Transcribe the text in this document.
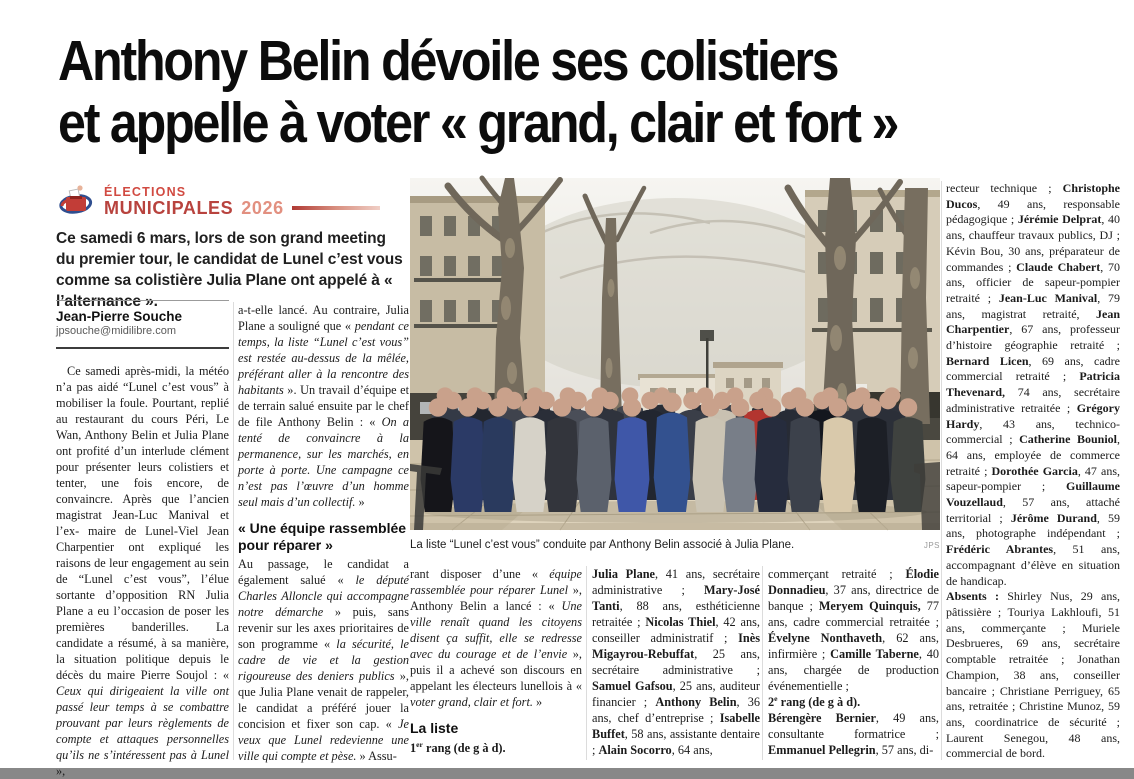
Anthony Belin dévoile ses colistiers
et appelle à voter « grand, clair et fort »
ÉLECTIONS
MUNICIPALES 2026
Ce samedi 6 mars, lors de son grand meeting du premier tour, le candidat de Lunel c’est vous comme sa colistière Julia Plane ont appelé à « l’alternance ».
Jean-Pierre Souche
jpsouche@midilibre.com

Ce samedi après-midi, la météo n’a pas aidé “Lunel c’est vous” à mobiliser la foule. Pourtant, replié au restaurant du cours Péri, Le Wan, Anthony Belin et Julia Plane ont profité d’un interlude clément pour présenter leurs colistiers et tenter, une fois encore, de convaincre. Après que l’ancien magistrat Jean-Luc Manival et l’ex- maire de Lunel-Viel Jean Charpentier ont expliqué les raisons de leur engagement au sein de “Lunel c’est vous”, l’élue sortante d’opposition RN Julia Plane a eu l’occasion de poser les premières banderilles. La candidate a résumé, à sa manière, la situation politique depuis le décès du maire Pierre Soujol : « Ceux qui dirigeaient la ville ont passé leur temps à se combattre prouvant par leurs règlements de compte et attaques personnelles qu’ils ne s’intéressent pas à Lunel »,

a-t-elle lancé. Au contraire, Julia Plane a souligné que « pendant ce temps, la liste “Lunel c’est vous” est restée au-dessus de la mêlée, préférant aller à la rencontre des habitants ». Un travail d’équipe et de terrain salué ensuite par le chef de file Anthony Belin : « On a tenté de convaincre à la permanence, sur les marchés, en porte à porte. Une campagne ce n’est pas l’œuvre d’un homme seul mais d’un collectif. »

« Une équipe rassemblée pour réparer »

Au passage, le candidat a également salué « le député Charles Alloncle qui accompagne notre démarche » puis, sans revenir sur les axes prioritaires de son programme « la sécurité, le cadre de vie et la gestion rigoureuse des deniers publics », que Julia Plane venait de rappeler, le candidat a préféré jouer la concision et fixer son cap. « Je veux que Lunel redevienne une ville qui compte et pèse. » Assu-

La liste “Lunel c’est vous” conduite par Anthony Belin associé à Julia Plane.	JPS

rant disposer d’une « équipe rassemblée pour réparer Lunel », Anthony Belin a lancé : « Une ville renaît quand les citoyens disent ça suffit, elle se redresse avec du courage et de l’envie », puis il a achevé son discours en appelant les électeurs lunellois à « voter grand, clair et fort. »

La liste

1er rang (de g à d).

Julia Plane, 41 ans, secrétaire administrative ; Mary-José Tanti, 88 ans, esthéticienne retraitée ; Nicolas Thiel, 42 ans, conseiller administratif ; Inès Migayrou-Rebuffat, 25 ans, secrétaire administrative ; Samuel Gafsou, 25 ans, auditeur financier ; Anthony Belin, 36 ans, chef d’entreprise ; Isabelle Buffet, 58 ans, assistante dentaire ; Alain Socorro, 64 ans,

commerçant retraité ; Élodie Donnadieu, 37 ans, directrice de banque ; Meryem Quinquis, 77 ans, cadre commercial retraitée ; Évelyne Nonthaveth, 62 ans, infirmière ; Camille Taberne, 40 ans, chargée de production événementielle ;

2e rang (de g à d).

Bérengère Bernier, 49 ans, consultante formatrice ; Emmanuel Pellegrin, 57 ans, di-

recteur technique ; Christophe Ducos, 49 ans, responsable pédagogique ; Jérémie Delprat, 40 ans, chauffeur travaux publics, DJ ; Kévin Bou, 30 ans, préparateur de commandes ; Claude Chabert, 70 ans, officier de sapeur-pompier retraité ; Jean-Luc Manival, 79 ans, magistrat retraité, Jean Charpentier, 67 ans, professeur d’histoire géographie retraité ; Bernard Licen, 69 ans, cadre commercial retraité ; Patricia Thevenard, 74 ans, secrétaire administrative retraitée ; Grégory Hardy, 43 ans, technico-commercial ; Catherine Bouniol, 64 ans, employée de commerce retraité ; Dorothée Garcia, 47 ans, sapeur-pompier ; Guillaume Vouzellaud, 57 ans, attaché territorial ; Jérôme Durand, 59 ans, photographe indépendant ; Frédéric Abrantes, 51 ans, accompagnant d’élève en situation de handicap.

Absents : Shirley Nus, 29 ans, pâtissière ; Touriya Lakhloufi, 51 ans, commerçante ; Muriele Desbrueres, 69 ans, secrétaire comptable retraitée ; Jonathan Champion, 38 ans, conseiller bancaire ; Christiane Perriguey, 65 ans, retraitée ; Christine Munoz, 59 ans, coordinatrice de sécurité ; Laurent Senegou, 48 ans, commercial de bord.
